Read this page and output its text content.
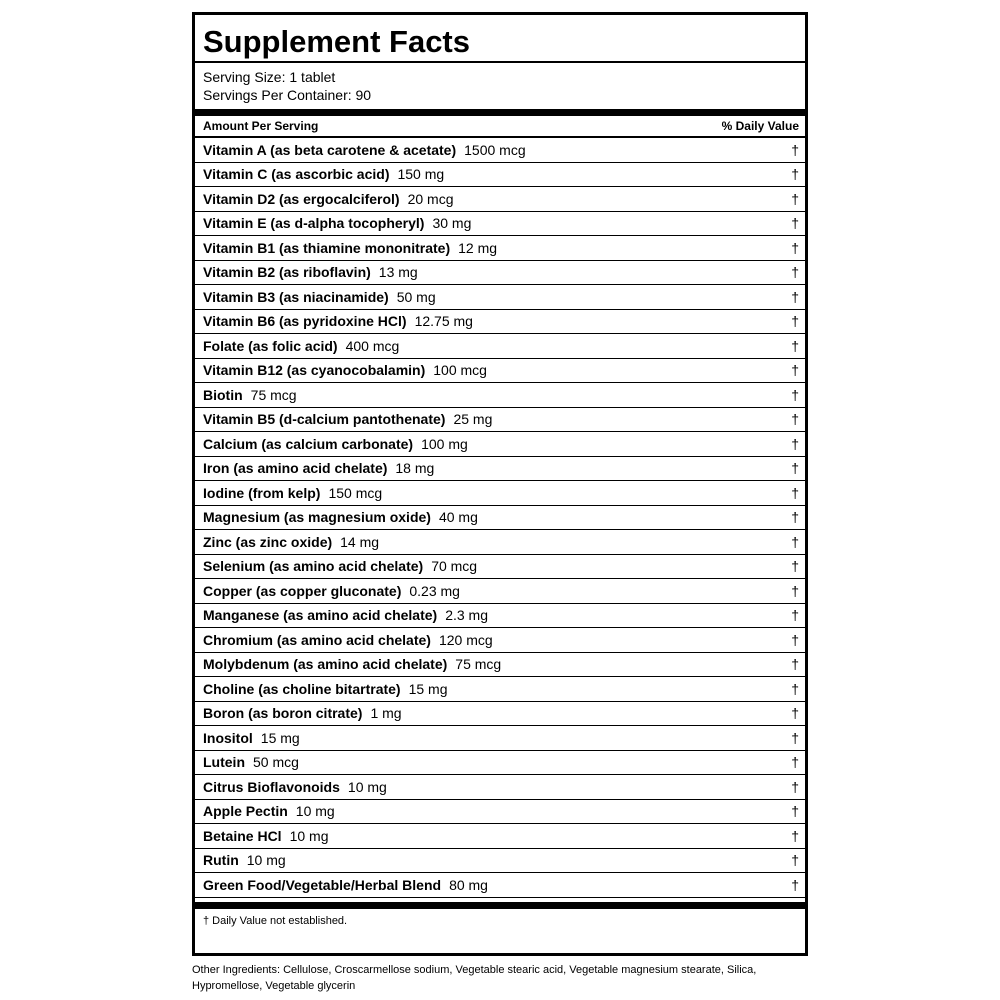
Supplement Facts
Serving Size: 1 tablet
Servings Per Container: 90
Amount Per Serving	% Daily Value
Vitamin A (as beta carotene & acetate) 1500 mcg	†
Vitamin C (as ascorbic acid) 150 mg	†
Vitamin D2 (as ergocalciferol) 20 mcg	†
Vitamin E (as d-alpha tocopheryl) 30 mg	†
Vitamin B1 (as thiamine mononitrate) 12 mg	†
Vitamin B2 (as riboflavin) 13 mg	†
Vitamin B3 (as niacinamide) 50 mg	†
Vitamin B6 (as pyridoxine HCl) 12.75 mg	†
Folate (as folic acid) 400 mcg	†
Vitamin B12 (as cyanocobalamin) 100 mcg	†
Biotin 75 mcg	†
Vitamin B5 (d-calcium pantothenate) 25 mg	†
Calcium (as calcium carbonate) 100 mg	†
Iron (as amino acid chelate) 18 mg	†
Iodine (from kelp) 150 mcg	†
Magnesium (as magnesium oxide) 40 mg	†
Zinc (as zinc oxide) 14 mg	†
Selenium (as amino acid chelate) 70 mcg	†
Copper (as copper gluconate) 0.23 mg	†
Manganese (as amino acid chelate) 2.3 mg	†
Chromium (as amino acid chelate) 120 mcg	†
Molybdenum (as amino acid chelate) 75 mcg	†
Choline (as choline bitartrate) 15 mg	†
Boron (as boron citrate) 1 mg	†
Inositol 15 mg	†
Lutein 50 mcg	†
Citrus Bioflavonoids 10 mg	†
Apple Pectin 10 mg	†
Betaine HCl 10 mg	†
Rutin 10 mg	†
Green Food/Vegetable/Herbal Blend 80 mg	†
† Daily Value not established.
Other Ingredients: Cellulose, Croscarmellose sodium, Vegetable stearic acid, Vegetable magnesium stearate, Silica, Hypromellose, Vegetable glycerin
